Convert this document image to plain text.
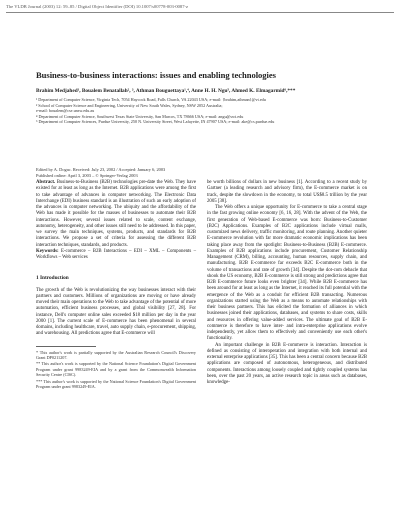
The VLDB Journal (2003) 12: 59–85 / Digital Object Identifier (DOI) 10.1007/s00778-003-0087-z
Business-to-business interactions: issues and enabling technologies
Brahim Medjahed¹, Boualem Benatallah², ³, Athman Bouguettaya¹,⁴, Anne H. H. Ngu⁵, Ahmed K. Elmagarmid⁶,***
¹ Department of Computer Science, Virginia Tech, 7054 Haycock Road, Falls Church, VA 22043 USA; e-mail: {brahim,athman}@vt.edu
² School of Computer Science and Engineering, University of New South Wales, Sydney, NSW 2052 Australia;
e-mail: boualem@cse.unsw.edu.au
⁴ Department of Computer Science, Southwest Texas State University, San Marcos, TX 78666 USA; e-mail: angu@swt.edu
⁶ Department of Computer Sciences, Purdue University, 250 N. University Street, West Lafayette, IN 47907 USA; e-mail: ake@cs.purdue.edu
Edited by A. Dogac. Received: July 23, 2002 / Accepted: January 6, 2003
Published online: April 3, 2003 – © Springer-Verlag 2003

Abstract. Business-to-Business (B2B) technologies pre-date the Web. They have existed for at least as long as the Internet. B2B applications were among the first to take advantage of advances in computer networking. The Electronic Data Interchange (EDI) business standard is an illustration of such an early adoption of the advances in computer networking. The ubiquity and the affordability of the Web has made it possible for the masses of businesses to automate their B2B interactions. However, several issues related to scale, content exchange, autonomy, heterogeneity, and other issues still need to be addressed. In this paper, we survey the main techniques, systems, products, and standards for B2B interactions. We propose a set of criteria for assessing the different B2B interaction techniques, standards, and products.

Keywords: E-commerce – B2B Interactions – EDI – XML – Components – Workflows – Web services

1 Introduction

The growth of the Web is revolutionizing the way businesses interact with their partners and customers. Millions of organizations are moving or have already moved their main operations to the Web to take advantage of the potential of more automation, efficient business processes, and global visibility [27, 28]. For instance, Dell's computer online sales exceeded $18 million per day in the year 2000 [1]. The current scale of E-commerce has been phenomenal in several domains, including healthcare, travel, auto supply chain, e-procurement, shipping, and warehousing. All predictions agree that E-commerce will

* This author's work is partially supported by the Australian Research Council's Discovery Grant DP0211207.
** This author's work is supported by the National Science Foundation's Digital Government Program under grant 9983249-EIA and by a grant from the Commonwealth Information Security Centre (CISC).
*** This author's work is supported by the National Science Foundation's Digital Government Program under grant 9983249-EIA.

be worth billions of dollars in new business [1]. According to a recent study by Gartner (a leading research and advisory firm), the E-commerce market is on track, despite the slowdown in the economy, to total US$8.5 trillion by the year 2005 [38].

The Web offers a unique opportunity for E-commerce to take a central stage in the fast growing online economy [6, 16, 28]. With the advent of the Web, the first generation of Web-based E-commerce was born: Business-to-Customer (B2C) Applications. Examples of B2C applications include virtual malls, customized news delivery, traffic monitoring, and route planning. Another quieter E-commerce revolution with far more dramatic economic implications has been taking place away from the spotlight: Business-to-Business (B2B) E-commerce. Examples of B2B applications include procurement, Customer Relationship Management (CRM), billing, accounting, human resources, supply chain, and manufacturing. B2B E-commerce far exceeds B2C E-commerce both in the volume of transactions and rate of growth [34]. Despite the dot-com debacle that shook the US economy, B2B E-commerce is still strong and predictions agree that B2B E-commerce future looks even brighter [34]. While B2B E-commerce has been around for at least as long as the Internet, it reached its full potential with the emergence of the Web as a conduit for efficient B2B transacting. Numerous organizations started using the Web as a means to automate relationships with their business partners. This has elicited the formation of alliances in which businesses joined their applications, databases, and systems to share costs, skills and resources in offering value-added services. The ultimate goal of B2B E-commerce is therefore to have inter- and intra-enterprise applications evolve independently, yet allow them to effectively and conveniently use each other's functionality.

An important challenge in B2B E-commerce is interaction. Interaction is defined as consisting of interoperation and integration with both internal and external enterprise applications [35]. This has been a central concern because B2B applications are composed of autonomous, heterogeneous, and distributed components. Interactions among loosely coupled and tightly coupled systems has been, over the past 20 years, an active research topic in areas such as databases, knowledge-
